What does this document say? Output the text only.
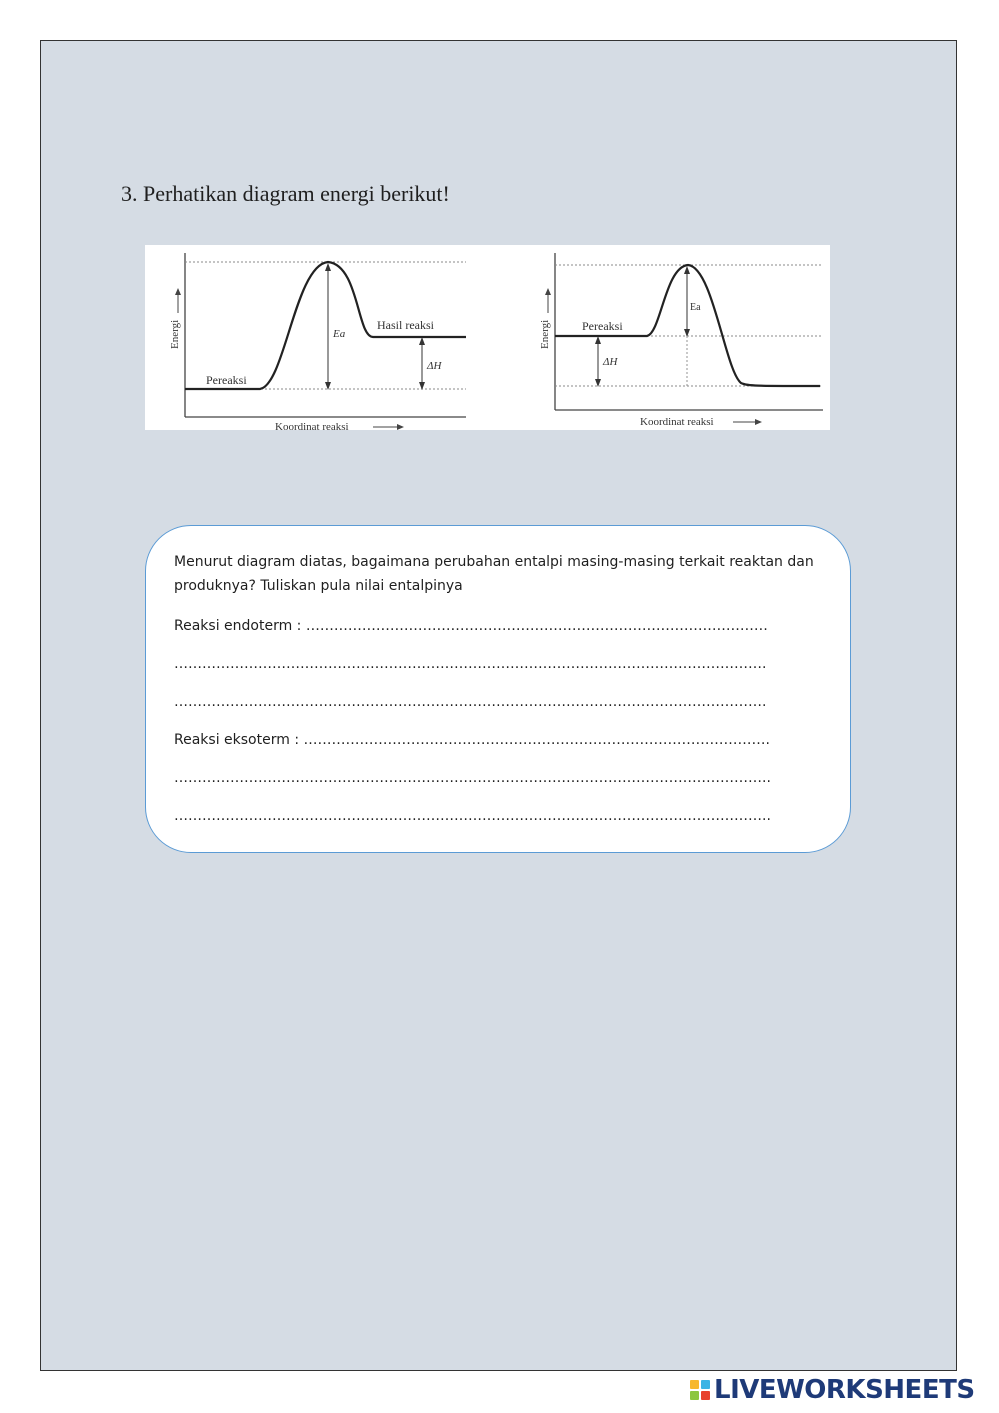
3. Perhatikan diagram energi berikut!
Energi
Koordinat reaksi
Pereaksi
Hasil reaksi
Ea
ΔH
Energi
Koordinat reaksi
Pereaksi
Ea
ΔH

Menurut diagram diatas, bagaimana perubahan entalpi masing-masing terkait reaktan dan produknya? Tuliskan pula nilai entalpinya

Reaksi endoterm : ………………………………………………………………………………………

……………………………………………………………………………………………………………….

……………………………………………………………………………………………………………….

Reaksi eksoterm : ……………………………………………………………………………………….

………………………………………………………………………………………………………………..

………………………………………………………………………………………………………………..

LIVEWORKSHEETS
